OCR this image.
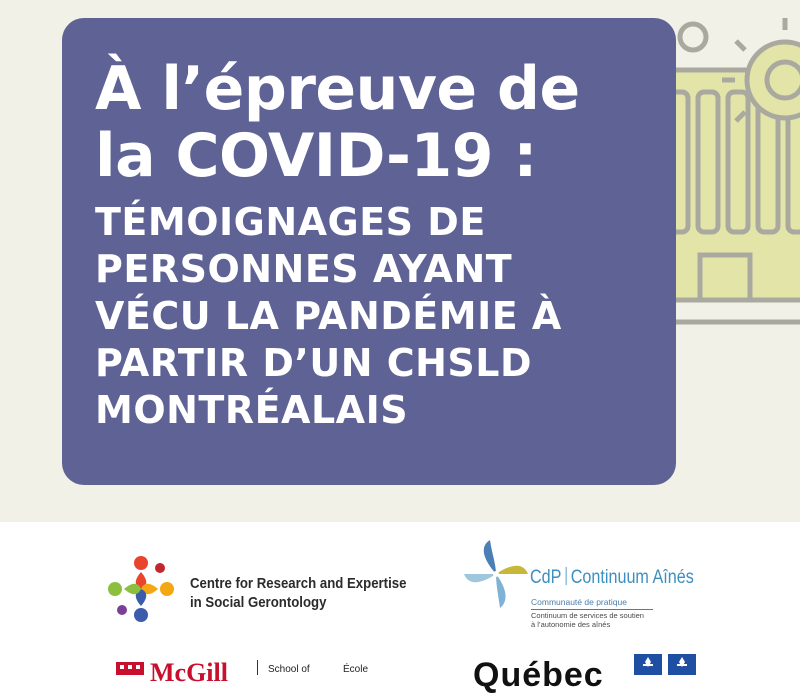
À l’épreuve de
la COVID-19 :
TÉMOIGNAGES DE
PERSONNES AYANT
VÉCU LA PANDÉMIE À
PARTIR D’UN CHSLD
MONTRÉALAIS
Centre for Research and Expertise
in Social Gerontology
CdP Continuum Aînés
Communauté de pratique
Continuum de services de soutien
à l’autonomie des aînés
McGill	School of	École	Québec
